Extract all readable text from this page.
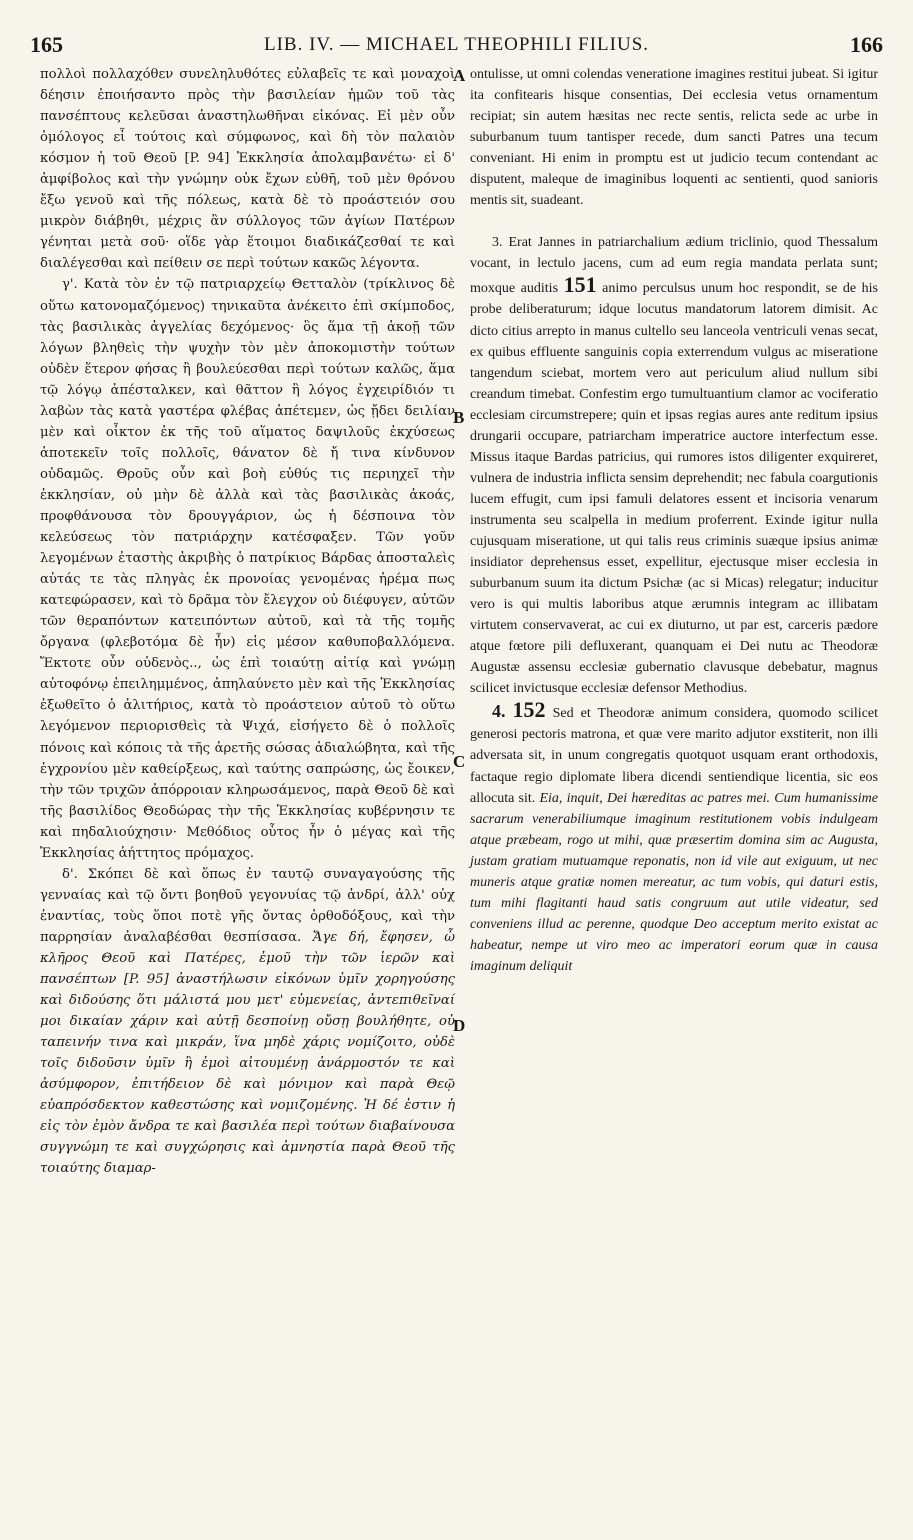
165	LIB. IV. — MICHAEL THEOPHILI FILIUS.	166

πολλοὶ πολλαχόθεν συνεληλυθότες εὐλαβεῖς τε καὶ μοναχοὶ δέησιν ἐποιήσαντο πρὸς τὴν βασιλείαν ἡμῶν τοῦ τὰς πανσέπτους κελεῦσαι ἀναστηλωθῆναι εἰκόνας. Εἰ μὲν οὖν ὁμόλογος εἶ τούτοις καὶ σύμφωνος, καὶ δὴ τὸν παλαιὸν κόσμον ἡ τοῦ Θεοῦ [P. 94] Ἐκκλησία ἀπολαμβανέτω· εἰ δ' ἀμφίβολος καὶ τὴν γνώμην οὐκ ἔχων εὐθῆ, τοῦ μὲν θρόνου ἔξω γενοῦ καὶ τῆς πόλεως, κατὰ δὲ τὸ προάστειόν σου μικρὸν διάβηθι, μέχρις ἂν σύλλογος τῶν ἁγίων Πατέρων γένηται μετὰ σοῦ· οἵδε γὰρ ἕτοιμοι διαδικάζεσθαί τε καὶ διαλέγεσθαι καὶ πείθειν σε περὶ τούτων κακῶς λέγοντα.

γ'. Κατὰ τὸν ἐν τῷ πατριαρχείῳ Θετταλὸν (τρίκλινος δὲ οὕτω κατονομαζόμενος) τηνικαῦτα ἀνέκειτο ἐπὶ σκίμποδος, τὰς βασιλικὰς ἀγγελίας δεχόμενος· ὃς ἅμα τῇ ἀκοῇ τῶν λόγων βληθεὶς τὴν ψυχὴν τὸν μὲν ἀποκομιστὴν τούτων οὐδὲν ἕτερον φήσας ἢ βουλεύεσθαι περὶ τούτων καλῶς, ἅμα τῷ λόγῳ ἀπέσταλκεν, καὶ θᾶττον ἢ λόγος ἐγχειρίδιόν τι λαβὼν τὰς κατὰ γαστέρα φλέβας ἀπέτεμεν, ὡς ᾔδει δειλίαν μὲν καὶ οἶκτον ἐκ τῆς τοῦ αἵματος δαψιλοῦς ἐκχύσεως ἀποτεκεῖν τοῖς πολλοῖς, θάνατον δὲ ἤ τινα κίνδυνον οὐδαμῶς. Θροῦς οὖν καὶ βοὴ εὐθύς τις περιηχεῖ τὴν ἐκκλησίαν, οὐ μὴν δὲ ἀλλὰ καὶ τὰς βασιλικὰς ἀκοάς, προφθάνουσα τὸν δρουγγάριον, ὡς ἡ δέσποινα τὸν κελεύσεως τὸν πατριάρχην κατέσφαξεν. Τῶν γοῦν λεγομένων ἐταστὴς ἀκριβὴς ὁ πατρίκιος Βάρδας ἀποσταλεὶς αὐτάς τε τὰς πληγὰς ἐκ προνοίας γενομένας ἠρέμα πως κατεφώρασεν, καὶ τὸ δρᾶμα τὸν ἔλεγχον οὐ διέφυγεν, αὐτῶν τῶν θεραπόντων κατειπόντων αὐτοῦ, καὶ τὰ τῆς τομῆς ὄργανα (φλεβοτόμα δὲ ἦν) εἰς μέσον καθυποβαλλόμενα. Ἔκτοτε οὖν οὐδενὸς.., ὡς ἐπὶ τοιαύτῃ αἰτίᾳ καὶ γνώμῃ αὐτοφόνῳ ἐπειλημμένος, ἀπηλαύνετο μὲν καὶ τῆς Ἐκκλησίας ἐξωθεῖτο ὁ ἀλιτήριος, κατὰ τὸ προάστειον αὐτοῦ τὸ οὕτω λεγόμενον περιορισθεὶς τὰ Ψιχά, εἰσήγετο δὲ ὁ πολλοῖς πόνοις καὶ κόποις τὰ τῆς ἀρετῆς σώσας ἀδιαλώβητα, καὶ τῆς ἐγχρονίου μὲν καθείρξεως, καὶ ταύτης σαπρώσης, ὡς ἔοικεν, τὴν τῶν τριχῶν ἀπόρροιαν κληρωσάμενος, παρὰ Θεοῦ δὲ καὶ τῆς βασιλίδος Θεοδώρας τὴν τῆς Ἐκκλησίας κυβέρνησιν τε καὶ πηδαλιούχησιν· Μεθόδιος οὗτος ἦν ὁ μέγας καὶ τῆς Ἐκκλησίας ἀήττητος πρόμαχος.

δ'. Σκόπει δὲ καὶ ὅπως ἐν ταυτῷ συναγαγούσης τῆς γενναίας καὶ τῷ ὄντι βοηθοῦ γεγονυίας τῷ ἀνδρί, ἀλλ' οὐχ ἐναντίας, τοὺς ὅποι ποτὲ γῆς ὄντας ὀρθοδόξους, καὶ τὴν παρρησίαν ἀναλαβέσθαι θεσπίσασα. Ἄγε δή, ἔφησεν, ὦ κλῆρος Θεοῦ καὶ Πατέρες, ἐμοῦ τὴν τῶν ἱερῶν καὶ πανσέπτων [P. 95] ἀναστήλωσιν εἰκόνων ὑμῖν χορηγούσης καὶ διδούσης ὅτι μάλιστά μου μετ' εὐμενείας, ἀντεπιθεῖναί μοι δικαίαν χάριν καὶ αὐτῇ δεσποίνῃ οὔσῃ βουλήθητε, οὐ ταπεινήν τινα καὶ μικράν, ἵνα μηδὲ χάρις νομίζοιτο, οὐδὲ τοῖς διδοῦσιν ὑμῖν ἢ ἐμοὶ αἰτουμένῃ ἀνάρμοστόν τε καὶ ἀσύμφορον, ἐπιτήδειον δὲ καὶ μόνιμον καὶ παρὰ Θεῷ εὐαπρόσδεκτον καθεστώσης καὶ νομιζομένης. Ἡ δέ ἐστιν ἡ εἰς τὸν ἐμὸν ἄνδρα τε καὶ βασιλέα περὶ τούτων διαβαίνουσα συγγνώμη τε καὶ συγχώρησις καὶ ἀμνηστία παρὰ Θεοῦ τῆς τοιαύτης διαμαρ-

A
B
C
D

ontulisse, ut omni colendas veneratione imagines restitui jubeat. Si igitur ita confitearis hisque consentias, Dei ecclesia vetus ornamentum recipiat; sin autem hæsitas nec recte sentis, relicta sede ac urbe in suburbanum tuum tantisper recede, dum sancti Patres una tecum conveniant. Hi enim in promptu est ut judicio tecum contendant ac disputent, maleque de imaginibus loquenti ac sentienti, quod sanioris mentis sit, suadeant.

3. Erat Jannes in patriarchalium ædium triclinio, quod Thessalum vocant, in lectulo jacens, cum ad eum regia mandata perlata sunt; moxque auditis 151 animo perculsus unum hoc respondit, se de his probe deliberaturum; idque locutus mandatorum latorem dimisit. Ac dicto citius arrepto in manus cultello seu lanceola ventriculi venas secat, ex quibus effluente sanguinis copia exterrendum vulgus ac miseratione tangendum sciebat, mortem vero aut periculum aliud nullum sibi creandum timebat. Confestim ergo tumultuantium clamor ac vociferatio ecclesiam circumstrepere; quin et ipsas regias aures ante reditum ipsius drungarii occupare, patriarcham imperatrice auctore interfectum esse. Missus itaque Bardas patricius, qui rumores istos diligenter exquireret, vulnera de industria inflicta sensim deprehendit; nec fabula coargutionis lucem effugit, cum ipsi famuli delatores essent et incisoria venarum instrumenta seu scalpella in medium proferrent. Exinde igitur nulla cujusquam miseratione, ut qui talis reus criminis suæque ipsius animæ insidiator deprehensus esset, expellitur, ejectusque miser ecclesia in suburbanum suum ita dictum Psichæ (ac si Micas) relegatur; inducitur vero is qui multis laboribus atque ærumnis integram ac illibatam virtutem conservaverat, ac cui ex diuturno, ut par est, carceris pædore atque fœtore pili defluxerant, quanquam ei Dei nutu ac Theodoræ Augustæ assensu ecclesiæ gubernatio clavusque debebatur, magnus scilicet invictusque ecclesiæ defensor Methodius.

4. 152 Sed et Theodoræ animum considera, quomodo scilicet generosi pectoris matrona, et quæ vere marito adjutor exstiterit, non illi adversata sit, in unum congregatis quotquot usquam erant orthodoxis, factaque regio diplomate libera dicendi sentiendique licentia, sic eos allocuta sit. Eia, inquit, Dei hæreditas ac patres mei. Cum humanissime sacrarum venerabiliumque imaginum restitutionem vobis indulgeam atque præbeam, rogo ut mihi, quæ præsertim domina sim ac Augusta, justam gratiam mutuamque reponatis, non id vile aut exiguum, ut nec muneris atque gratiæ nomen mereatur, ac tum vobis, qui daturi estis, tum mihi flagitanti haud satis congruum aut utile videatur, sed conveniens illud ac perenne, quodque Deo acceptum merito existat ac habeatur, nempe ut viro meo ac imperatori eorum quæ in causa imaginum deliquit
